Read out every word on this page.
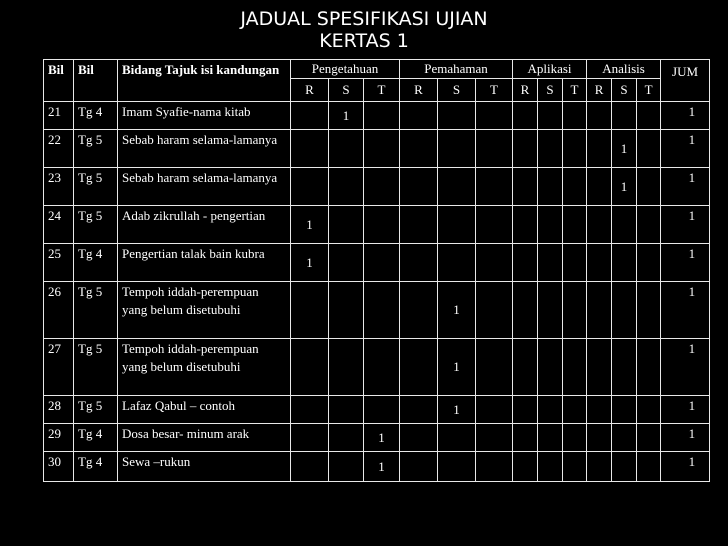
JADUAL SPESIFIKASI UJIAN
KERTAS 1
Bil	Bil	Bidang Tajuk isi kandungan	Pengetahuan			Pemahaman			Aplikasi			Analisis			JUM
			R	S	T	R	S	T	R	S	T	R	S	T	
21	Tg 4	Imam Syafie-nama kitab		1											1
22	Tg 5	Sebab haram selama-lamanya											1		1
23	Tg 5	Sebab haram selama-lamanya											1		1
24	Tg 5	Adab zikrullah - pengertian	1												1
25	Tg 4	Pengertian talak bain kubra	1												1
26	Tg 5	Tempoh iddah-perempuan yang belum disetubuhi					1								1
27	Tg 5	Tempoh iddah-perempuan yang belum disetubuhi					1								1
28	Tg 5	Lafaz Qabul – contoh					1								1
29	Tg 4	Dosa besar- minum arak			1										1
30	Tg 4	Sewa –rukun			1										1
